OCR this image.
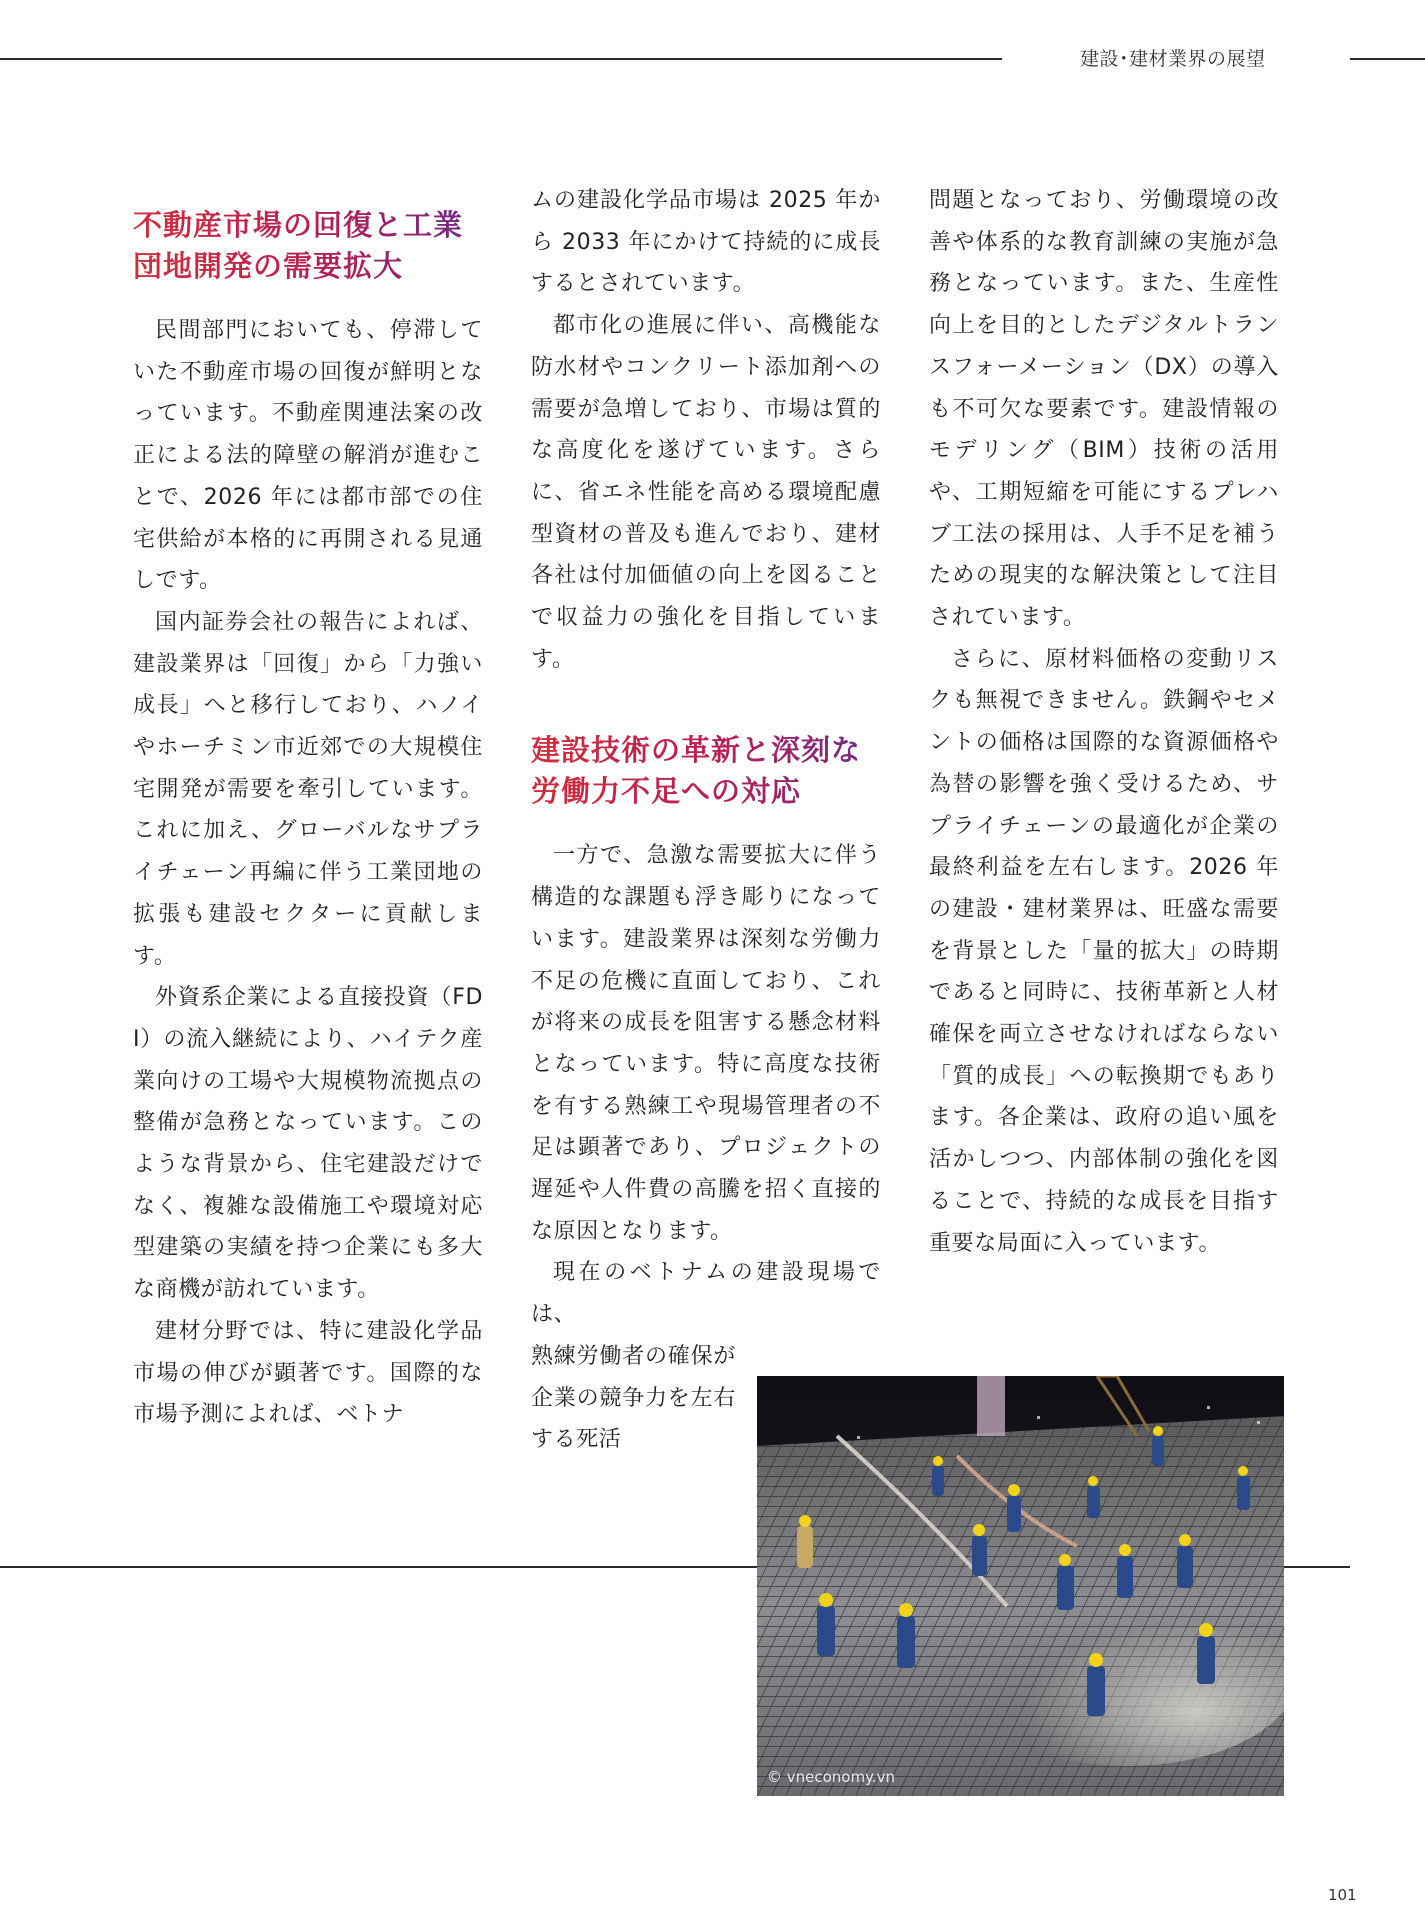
建設･建材業界の展望
不動産市場の回復と工業団地開発の需要拡大

民間部門においても、停滞していた不動産市場の回復が鮮明となっています。不動産関連法案の改正による法的障壁の解消が進むことで、2026 年には都市部での住宅供給が本格的に再開される見通しです。

国内証券会社の報告によれば、建設業界は「回復」から「力強い成長」へと移行しており、ハノイやホーチミン市近郊での大規模住宅開発が需要を牽引しています。これに加え、グローバルなサプライチェーン再編に伴う工業団地の拡張も建設セクターに貢献します。

外資系企業による直接投資（FDI）の流入継続により、ハイテク産業向けの工場や大規模物流拠点の整備が急務となっています。このような背景から、住宅建設だけでなく、複雑な設備施工や環境対応型建築の実績を持つ企業にも多大な商機が訪れています。

建材分野では、特に建設化学品市場の伸びが顕著です。国際的な市場予測によれば、ベトナ

ムの建設化学品市場は 2025 年から 2033 年にかけて持続的に成長するとされています。

都市化の進展に伴い、高機能な防水材やコンクリート添加剤への需要が急増しており、市場は質的な高度化を遂げています。さらに、省エネ性能を高める環境配慮型資材の普及も進んでおり、建材各社は付加価値の向上を図ることで収益力の強化を目指しています。

建設技術の革新と深刻な労働力不足への対応

一方で、急激な需要拡大に伴う構造的な課題も浮き彫りになっています。建設業界は深刻な労働力不足の危機に直面しており、これが将来の成長を阻害する懸念材料となっています。特に高度な技術を有する熟練工や現場管理者の不足は顕著であり、プロジェクトの遅延や人件費の高騰を招く直接的な原因となります。

現在のベトナムの建設現場では、

熟練労働者の確保が企業の競争力を左右する死活

問題となっており、労働環境の改善や体系的な教育訓練の実施が急務となっています。また、生産性向上を目的としたデジタルトランスフォーメーション（DX）の導入も不可欠な要素です。建設情報のモデリング（BIM）技術の活用や、工期短縮を可能にするプレハブ工法の採用は、人手不足を補うための現実的な解決策として注目されています。

さらに、原材料価格の変動リスクも無視できません。鉄鋼やセメントの価格は国際的な資源価格や為替の影響を強く受けるため、サプライチェーンの最適化が企業の最終利益を左右します。2026 年の建設・建材業界は、旺盛な需要を背景とした「量的拡大」の時期であると同時に、技術革新と人材確保を両立させなければならない「質的成長」への転換期でもあります。各企業は、政府の追い風を活かしつつ、内部体制の強化を図ることで、持続的な成長を目指す重要な局面に入っています。

© vneconomy.vn
101
